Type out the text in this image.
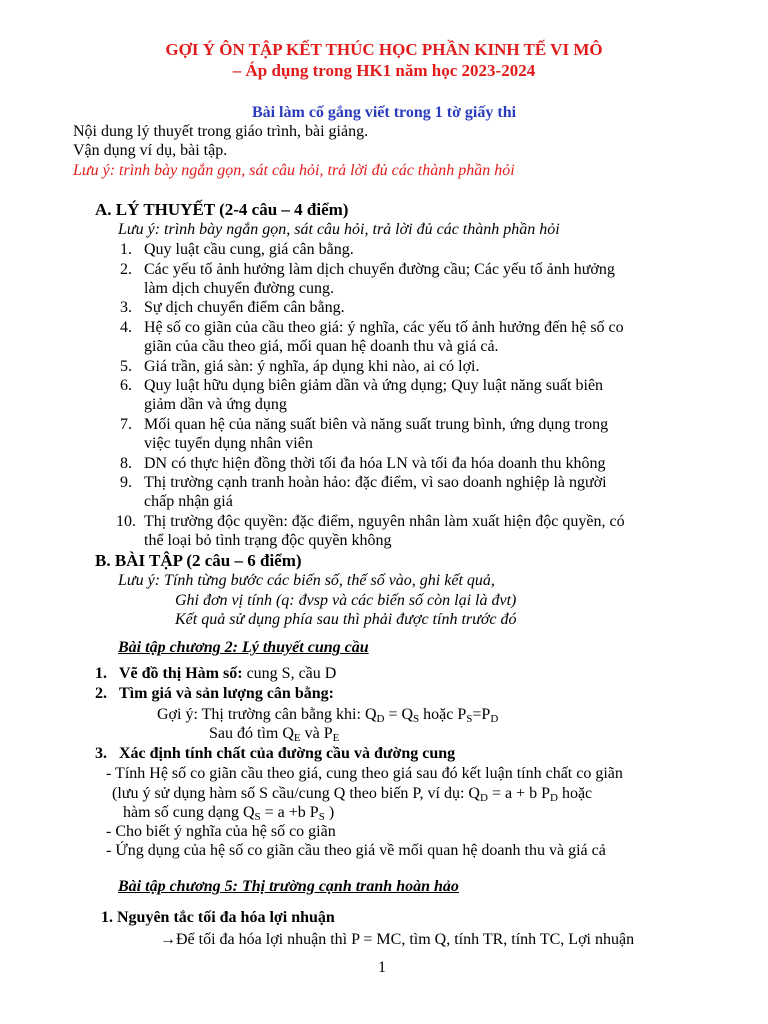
GỢI Ý ÔN TẬP KẾT THÚC HỌC PHẦN KINH TẾ VI MÔ
– Áp dụng trong HK1 năm học 2023-2024
Bài làm cố gắng viết trong 1 tờ giấy thi
Nội dung lý thuyết trong giáo trình, bài giảng.
Vận dụng ví dụ, bài tập.
Lưu ý: trình bày ngắn gọn, sát câu hỏi, trả lời đủ các thành phần hỏi
A. LÝ THUYẾT (2-4 câu – 4 điểm)
Lưu ý: trình bày ngắn gọn, sát câu hỏi, trả lời đủ các thành phần hỏi
1. Quy luật cầu cung, giá cân bằng.
2. Các yếu tố ảnh hưởng làm dịch chuyển đường cầu; Các yếu tố ảnh hưởng
làm dịch chuyển đường cung.
3. Sự dịch chuyển điểm cân bằng.
4. Hệ số co giãn của cầu theo giá: ý nghĩa, các yếu tố ảnh hưởng đến hệ số co
giãn của cầu theo giá, mối quan hệ doanh thu và giá cả.
5. Giá trần, giá sàn: ý nghĩa, áp dụng khi nào, ai có lợi.
6. Quy luật hữu dụng biên giảm dần và ứng dụng; Quy luật năng suất biên
giảm dần và ứng dụng
7. Mối quan hệ của năng suất biên và năng suất trung bình, ứng dụng trong
việc tuyển dụng nhân viên
8. DN có thực hiện đồng thời tối đa hóa LN và tối đa hóa doanh thu không
9. Thị trường cạnh tranh hoàn hảo: đặc điểm, vì sao doanh nghiệp là người
chấp nhận giá
10. Thị trường độc quyền: đặc điểm, nguyên nhân làm xuất hiện độc quyền, có
thể loại bỏ tình trạng độc quyền không
B. BÀI TẬP (2 câu – 6 điểm)
Lưu ý: Tính từng bước các biến số, thế số vào, ghi kết quả,
Ghi đơn vị tính (q: đvsp và các biến số còn lại là đvt)
Kết quả sử dụng phía sau thì phải được tính trước đó
Bài tập chương 2: Lý thuyết cung cầu
1. Vẽ đồ thị Hàm số: cung S, cầu D
2. Tìm giá và sản lượng cân bằng:
Gợi ý: Thị trường cân bằng khi: $Q_D = Q_S$ hoặc $P_S=P_D$
Sau đó tìm $Q_E$ và $P_E$
3. Xác định tính chất của đường cầu và đường cung
- Tính Hệ số co giãn cầu theo giá, cung theo giá sau đó kết luận tính chất co giãn
(lưu ý sử dụng hàm số S cầu/cung Q theo biến P, ví dụ: $Q_D = a + b$ $P_D$ hoặc
hàm số cung dạng $Q_S = a +b$ $P_S$ )
- Cho biết ý nghĩa của hệ số co giãn
- Ứng dụng của hệ số co giãn cầu theo giá về mối quan hệ doanh thu và giá cả
Bài tập chương 5: Thị trường cạnh tranh hoàn hảo
1. Nguyên tắc tối đa hóa lợi nhuận
→Để tối đa hóa lợi nhuận thì P = MC, tìm Q, tính TR, tính TC, Lợi nhuận
1
